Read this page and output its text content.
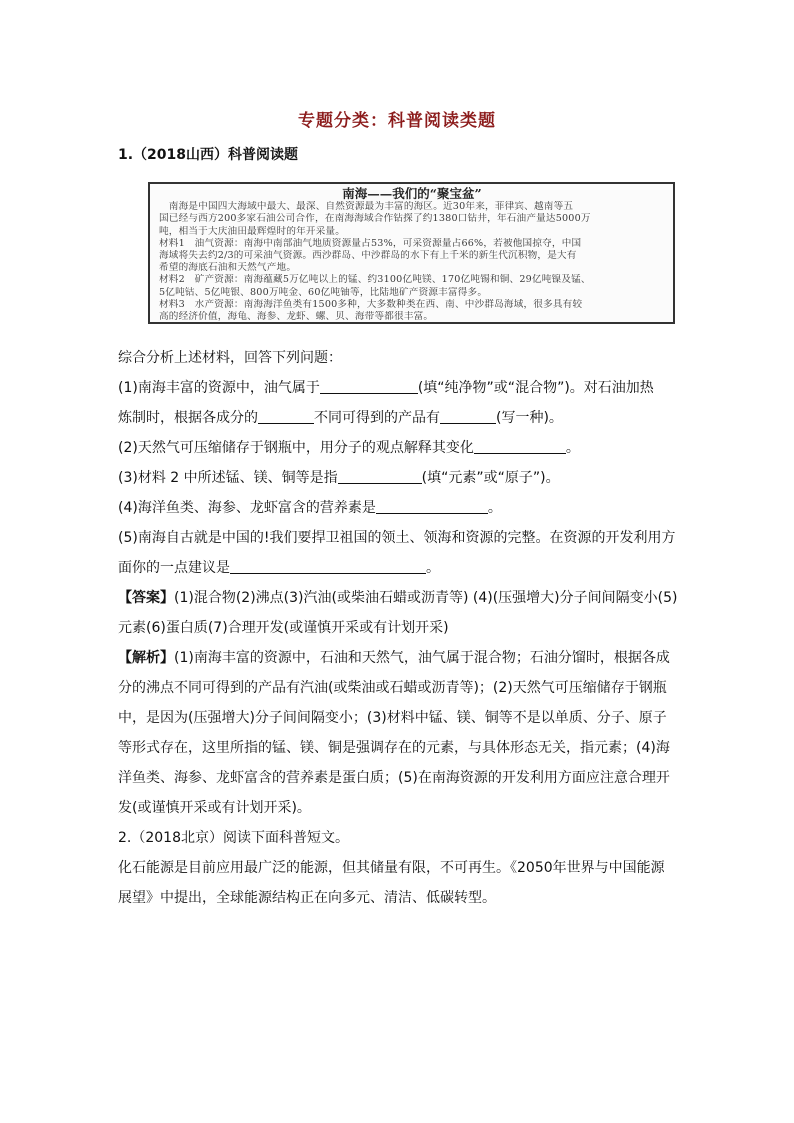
专题分类：科普阅读类题
1.（2018山西）科普阅读题
南海——我们的“聚宝盆”
　南海是中国四大海域中最大、最深、自然资源最为丰富的海区。近30年来，菲律宾、越南等五
国已经与西方200多家石油公司合作，在南海海域合作钻探了约1380口钻井，年石油产量达5000万
吨，相当于大庆油田最辉煌时的年开采量。
材料1　油气资源：南海中南部油气地质资源量占53%，可采资源量占66%，若被他国掠夺，中国
海域将失去约2/3的可采油气资源。西沙群岛、中沙群岛的水下有上千米的新生代沉积物，是大有
希望的海底石油和天然气产地。
材料2　矿产资源：南海蕴藏5万亿吨以上的锰、约3100亿吨镁、170亿吨锡和铜、29亿吨镍及锰、
5亿吨钴、5亿吨银、800万吨金、60亿吨铀等，比陆地矿产资源丰富得多。
材料3　水产资源：南海海洋鱼类有1500多种，大多数种类在西、南、中沙群岛海域，很多具有较
高的经济价值，海龟、海参、龙虾、螺、贝、海带等都很丰富。
综合分析上述材料，回答下列问题：
(1)南海丰富的资源中，油气属于	(填“纯净物”或“混合物”)。对石油加热
炼制时，根据各成分的	不同可得到的产品有	(写一种)。
(2)天然气可压缩储存于钢瓶中，用分子的观点解释其变化	。
(3)材料 2 中所述锰、镁、铜等是指	(填“元素”或“原子”)。
(4)海洋鱼类、海参、龙虾富含的营养素是	。
(5)南海自古就是中国的!我们要捍卫祖国的领土、领海和资源的完整。在资源的开发利用方
面你的一点建议是	。
【答案】(1)混合物(2)沸点(3)汽油(或柴油石蜡或沥青等) (4)(压强增大)分子间间隔变小(5)
元素(6)蛋白质(7)合理开发(或谨慎开采或有计划开采)
【解析】(1)南海丰富的资源中，石油和天然气，油气属于混合物；石油分馏时，根据各成
分的沸点不同可得到的产品有汽油(或柴油或石蜡或沥青等)；(2)天然气可压缩储存于钢瓶
中，是因为(压强增大)分子间间隔变小；(3)材料中锰、镁、铜等不是以单质、分子、原子
等形式存在，这里所指的锰、镁、铜是强调存在的元素，与具体形态无关，指元素；(4)海
洋鱼类、海参、龙虾富含的营养素是蛋白质；(5)在南海资源的开发利用方面应注意合理开
发(或谨慎开采或有计划开采)。
2.（2018北京）阅读下面科普短文。
化石能源是目前应用最广泛的能源，但其储量有限，不可再生。《2050年世界与中国能源
展望》中提出，全球能源结构正在向多元、清洁、低碳转型。
